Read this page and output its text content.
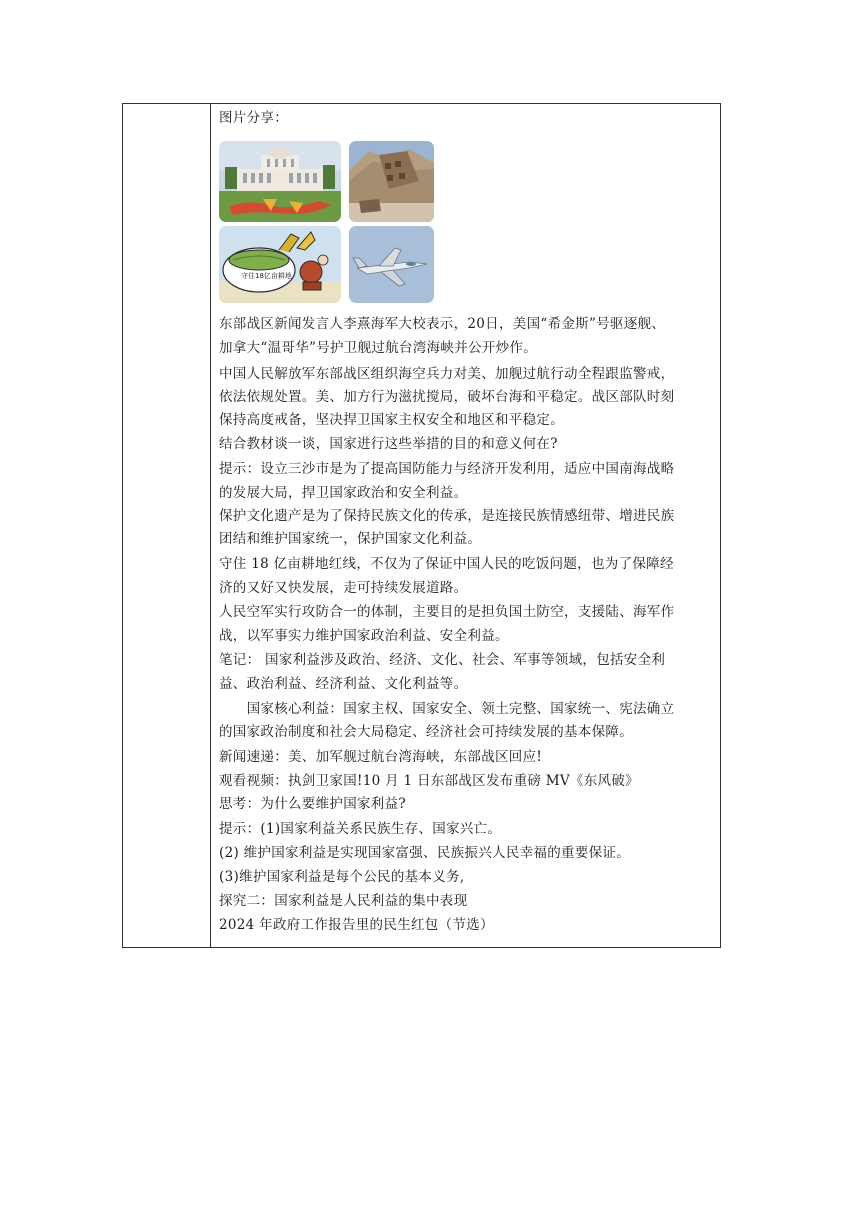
图片分享：
守住18亿亩耕地
东部战区新闻发言人李熹海军大校表示，20日，美国“希金斯”号驱逐舰、
加拿大“温哥华”号护卫舰过航台湾海峡并公开炒作。
中国人民解放军东部战区组织海空兵力对美、加舰过航行动全程跟监警戒，
依法依规处置。美、加方行为滋扰搅局，破坏台海和平稳定。战区部队时刻
保持高度戒备，坚决捍卫国家主权安全和地区和平稳定。
结合教材谈一谈，国家进行这些举措的目的和意义何在?
提示：设立三沙市是为了提高国防能力与经济开发利用，适应中国南海战略
的发展大局，捍卫国家政治和安全利益。
保护文化遗产是为了保持民族文化的传承，是连接民族情感纽带、增进民族
团结和维护国家统一，保护国家文化利益。
守住 18 亿亩耕地红线，不仅为了保证中国人民的吃饭问题，也为了保障经
济的又好又快发展，走可持续发展道路。
人民空军实行攻防合一的体制，主要目的是担负国土防空，支援陆、海军作
战，以军事实力维护国家政治利益、安全利益。
笔记： 国家利益涉及政治、经济、文化、社会、军事等领域，包括安全利
益、政治利益、经济利益、文化利益等。
　　国家核心利益：国家主权、国家安全、领土完整、国家统一、宪法确立
的国家政治制度和社会大局稳定、经济社会可持续发展的基本保障。
新闻速递：美、加军舰过航台湾海峡，东部战区回应!
观看视频：执剑卫家国!10 月 1 日东部战区发布重磅 MV《东风破》
思考：为什么要维护国家利益?
提示：(1)国家利益关系民族生存、国家兴亡。
(2) 维护国家利益是实现国家富强、民族振兴人民幸福的重要保证。
(3)维护国家利益是每个公民的基本义务,
探究二：国家利益是人民利益的集中表现
2024 年政府工作报告里的民生红包（节选）
